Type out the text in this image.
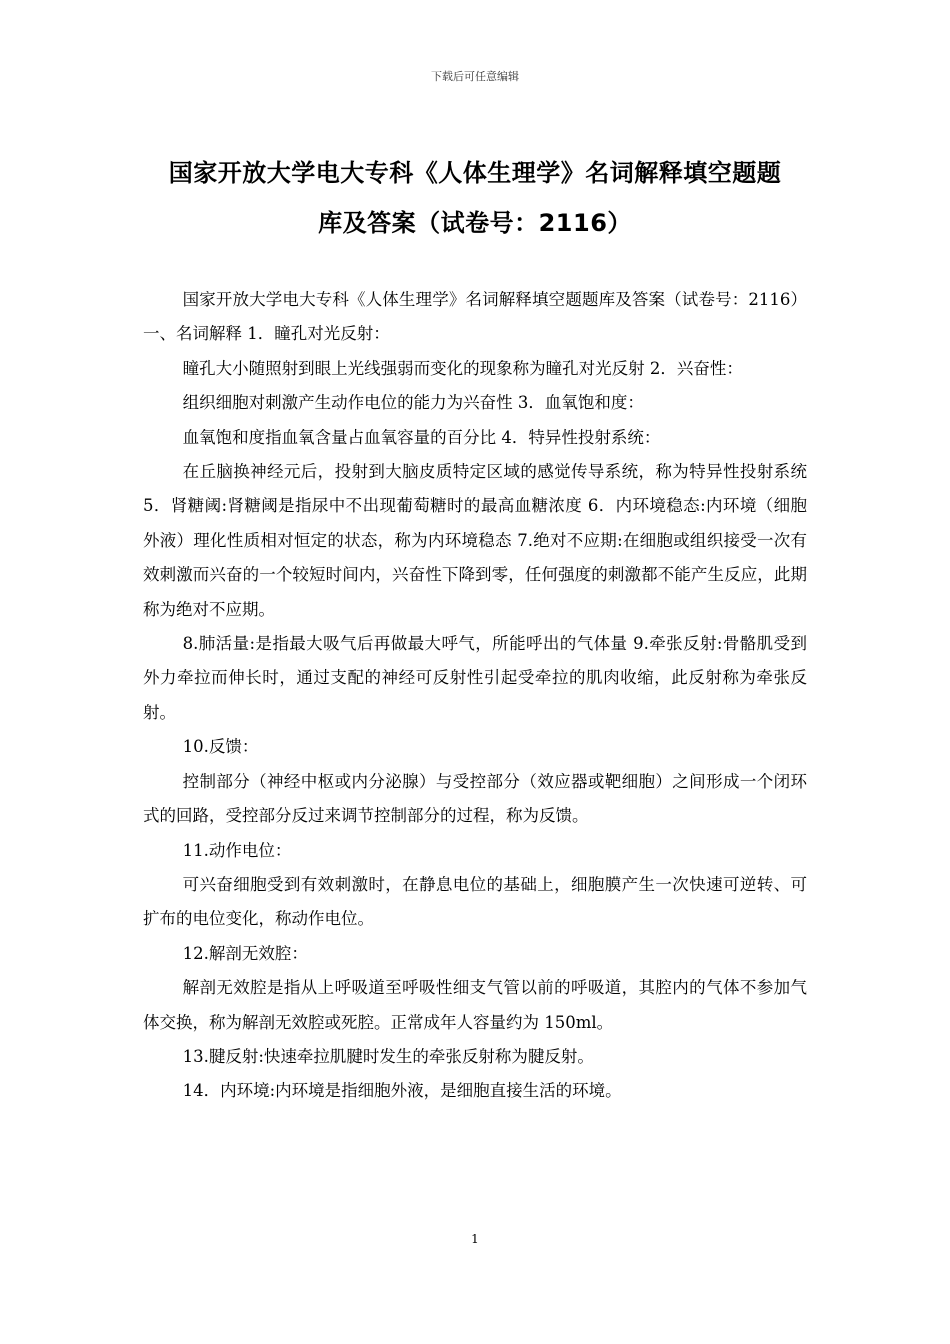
下载后可任意编辑
国家开放大学电大专科《人体生理学》名词解释填空题题
库及答案（试卷号：2116）

国家开放大学电大专科《人体生理学》名词解释填空题题库及答案（试卷号：2116）一、名词解释 1．瞳孔对光反射：

瞳孔大小随照射到眼上光线强弱而变化的现象称为瞳孔对光反射 2．兴奋性：

组织细胞对刺激产生动作电位的能力为兴奋性 3．血氧饱和度：

血氧饱和度指血氧含量占血氧容量的百分比 4．特异性投射系统：

在丘脑换神经元后，投射到大脑皮质特定区域的感觉传导系统，称为特异性投射系统 5．肾糖阈:肾糖阈是指尿中不出现葡萄糖时的最高血糖浓度 6．内环境稳态:内环境（细胞外液）理化性质相对恒定的状态，称为内环境稳态 7.绝对不应期:在细胞或组织接受一次有效刺激而兴奋的一个较短时间内，兴奋性下降到零，任何强度的刺激都不能产生反应，此期称为绝对不应期。

8.肺活量:是指最大吸气后再做最大呼气，所能呼出的气体量 9.牵张反射:骨骼肌受到外力牵拉而伸长时，通过支配的神经可反射性引起受牵拉的肌肉收缩，此反射称为牵张反射。

10.反馈：

控制部分（神经中枢或内分泌腺）与受控部分（效应器或靶细胞）之间形成一个闭环式的回路，受控部分反过来调节控制部分的过程，称为反馈。

11.动作电位：

可兴奋细胞受到有效刺激时，在静息电位的基础上，细胞膜产生一次快速可逆转、可扩布的电位变化，称动作电位。

12.解剖无效腔：

解剖无效腔是指从上呼吸道至呼吸性细支气管以前的呼吸道，其腔内的气体不参加气体交换，称为解剖无效腔或死腔。正常成年人容量约为 150ml。

13.腱反射:快速牵拉肌腱时发生的牵张反射称为腱反射。

14．内环境:内环境是指细胞外液，是细胞直接生活的环境。

1
